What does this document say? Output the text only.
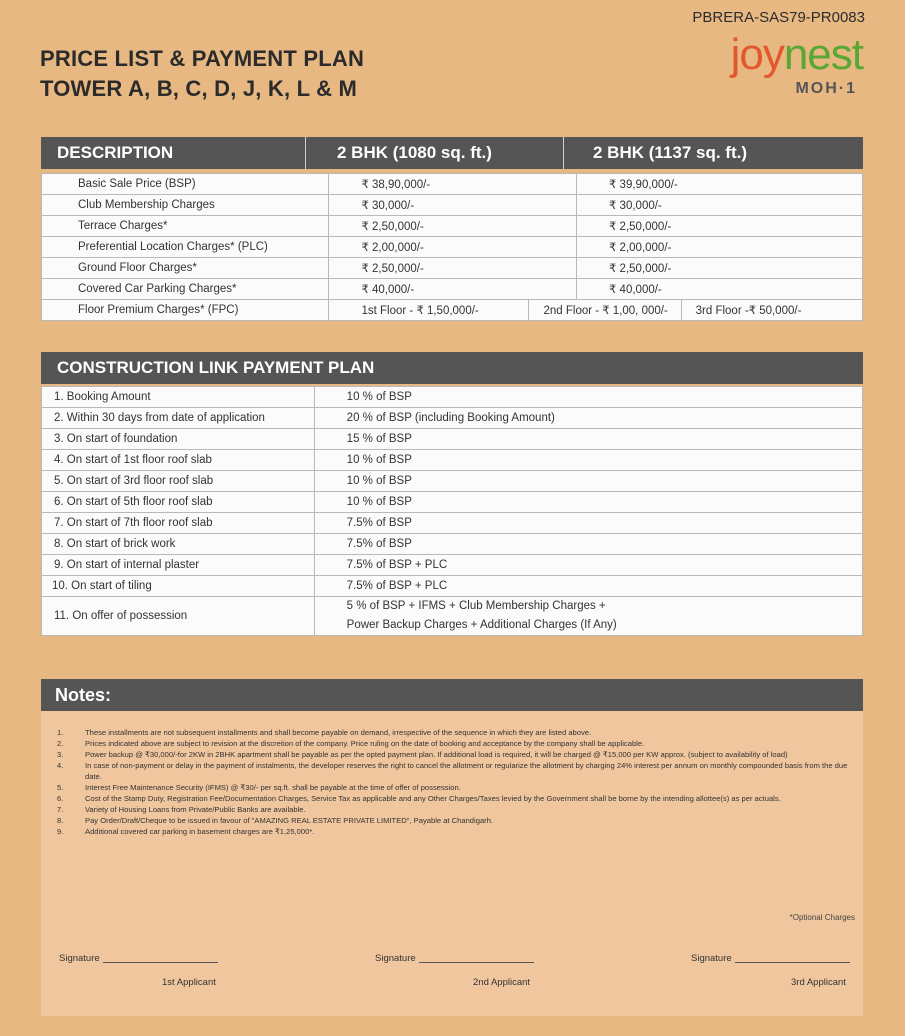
PBRERA-SAS79-PR0083
PRICE LIST & PAYMENT PLAN
TOWER A, B, C, D, J, K, L & M
joynest
MOH·1
DESCRIPTION	2 BHK (1080 sq. ft.)	2 BHK (1137 sq. ft.)
Basic Sale Price (BSP)	₹ 38,90,000/-		₹ 39,90,000/-	
Club Membership Charges	₹ 30,000/-		₹ 30,000/-	
Terrace Charges*	₹ 2,50,000/-		₹ 2,50,000/-	
Preferential Location Charges* (PLC)	₹ 2,00,000/-		₹ 2,00,000/-	
Ground Floor Charges*	₹ 2,50,000/-		₹ 2,50,000/-	
Covered Car Parking Charges*	₹ 40,000/-		₹ 40,000/-	
Floor Premium Charges* (FPC)	1st Floor - ₹ 1,50,000/-	2nd Floor - ₹ 1,00, 000/-		3rd Floor -₹ 50,000/-
CONSTRUCTION LINK PAYMENT PLAN
1. Booking Amount	10 % of BSP
2. Within 30 days from date of application	20 % of BSP (including Booking Amount)
3. On start of foundation	15 % of BSP
4. On start of 1st floor roof slab	10 % of BSP
5. On start of 3rd floor roof slab	10 % of BSP
6. On start of 5th floor roof slab	10 % of BSP
7. On start of 7th floor roof slab	7.5% of BSP
8. On start of brick work	7.5% of BSP
9. On start of internal plaster	7.5% of BSP + PLC
10. On start of tiling	7.5% of BSP + PLC
11. On offer of possession	5 % of BSP + IFMS + Club Membership Charges +
Power Backup Charges + Additional Charges (If Any)
Notes:
1.	These installments are not subsequent installments and shall become payable on demand, irrespective of the sequence in which they are listed above.
2.	Prices indicated above are subject to revision at the discretion of the company. Price ruling on the date of booking and acceptance by the company shall be applicable.
3.	Power backup @ ₹30,000/-for 2KW in 2BHK apartment shall be payable as per the opted payment plan. If additional load is required, it will be charged @ ₹15,000 per KW approx. (subject to availability of load)
4.	In case of non-payment or delay in the payment of instalments, the developer reserves the right to cancel the allotment or regularize the allotment by charging 24% interest per annum on monthly compounded basis from the due date.
5.	Interest Free Maintenance Security (IFMS) @ ₹30/- per sq.ft. shall be payable at the time of offer of possession.
6.	Cost of the Stamp Duty, Registration Fee/Documentation Charges, Service Tax as applicable and any Other Charges/Taxes levied by the Government shall be borne by the intending allottee(s) as per actuals.
7.	Variety of Housing Loans from Private/Public Banks are available.
8.	Pay Order/Draft/Cheque to be issued in favour of "AMAZING REAL ESTATE PRIVATE LIMITED", Payable at Chandigarh.
9.	Additional covered car parking in basement charges are ₹1,25,000*.
*Optional Charges
Signature	Signature	Signature
1st Applicant	2nd Applicant	3rd Applicant
